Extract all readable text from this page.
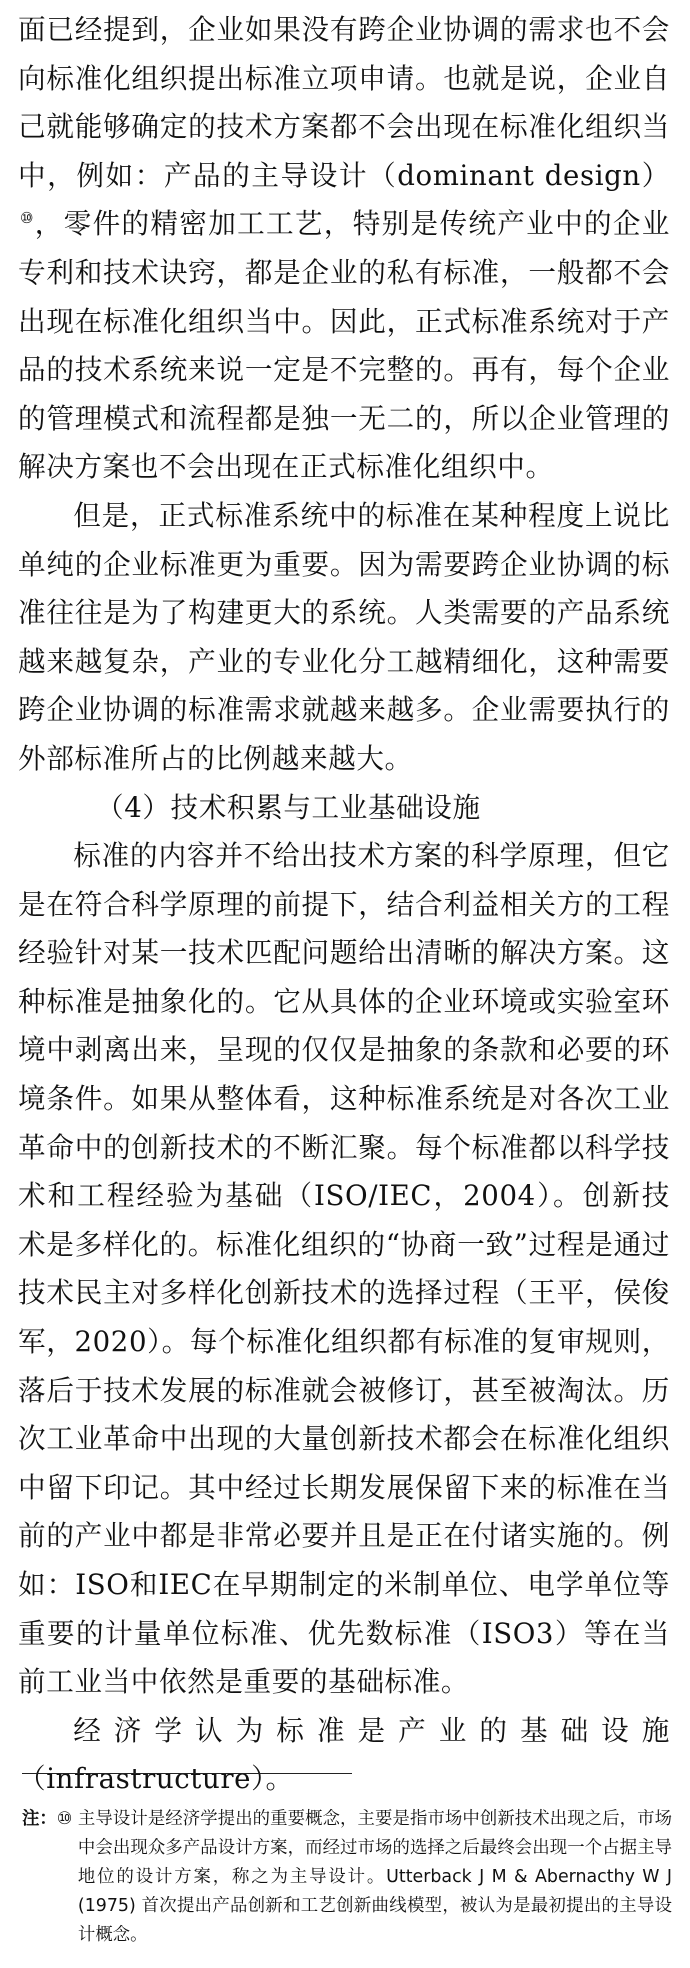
面已经提到，企业如果没有跨企业协调的需求也不会向标准化组织提出标准立项申请。也就是说，企业自己就能够确定的技术方案都不会出现在标准化组织当中，例如：产品的主导设计（dominant design）⑩，零件的精密加工工艺，特别是传统产业中的企业专利和技术诀窍，都是企业的私有标准，一般都不会出现在标准化组织当中。因此，正式标准系统对于产品的技术系统来说一定是不完整的。再有，每个企业的管理模式和流程都是独一无二的，所以企业管理的解决方案也不会出现在正式标准化组织中。

但是，正式标准系统中的标准在某种程度上说比单纯的企业标准更为重要。因为需要跨企业协调的标准往往是为了构建更大的系统。人类需要的产品系统越来越复杂，产业的专业化分工越精细化，这种需要跨企业协调的标准需求就越来越多。企业需要执行的外部标准所占的比例越来越大。

（4）技术积累与工业基础设施

标准的内容并不给出技术方案的科学原理，但它是在符合科学原理的前提下，结合利益相关方的工程经验针对某一技术匹配问题给出清晰的解决方案。这种标准是抽象化的。它从具体的企业环境或实验室环境中剥离出来，呈现的仅仅是抽象的条款和必要的环境条件。如果从整体看，这种标准系统是对各次工业革命中的创新技术的不断汇聚。每个标准都以科学技术和工程经验为基础（ISO/IEC，2004）。创新技术是多样化的。标准化组织的“协商一致”过程是通过技术民主对多样化创新技术的选择过程（王平，侯俊军，2020）。每个标准化组织都有标准的复审规则，落后于技术发展的标准就会被修订，甚至被淘汰。历次工业革命中出现的大量创新技术都会在标准化组织中留下印记。其中经过长期发展保留下来的标准在当前的产业中都是非常必要并且是正在付诸实施的。例如：ISO和IEC在早期制定的米制单位、电学单位等重要的计量单位标准、优先数标准（ISO3）等在当前工业当中依然是重要的基础标准。

经济学认为标准是产业的基础设施（infrastructure）。

注：⑩ 主导设计是经济学提出的重要概念，主要是指市场中创新技术出现之后，市场中会出现众多产品设计方案，而经过市场的选择之后最终会出现一个占据主导地位的设计方案，称之为主导设计。Utterback J M & Abernacthy W J (1975) 首次提出产品创新和工艺创新曲线模型，被认为是最初提出的主导设计概念。
